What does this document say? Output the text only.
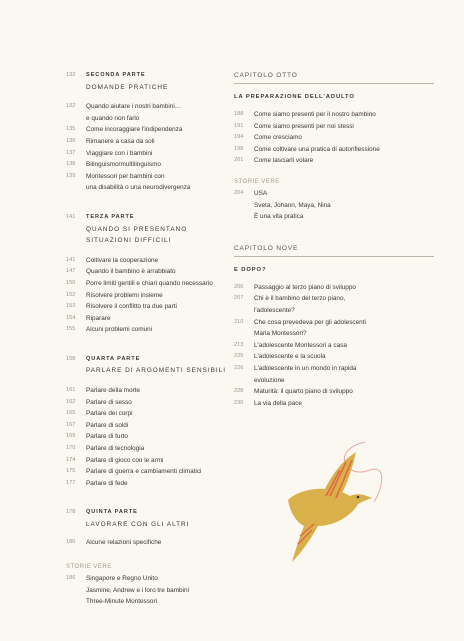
132	SECONDA PARTE
DOMANDE PRATICHE
132	Quando aiutare i nostri bambini…
e quando non farlo
135	Come incoraggiare l'indipendenza
136	Rimanere a casa da soli
137	Viaggiare con i bambini
138	Bilinguismo/multilinguismo
139	Montessori per bambini con
una disabilità o una neurodivergenza
141	TERZA PARTE
QUANDO SI PRESENTANO
SITUAZIONI DIFFICILI
141	Coltivare la cooperazione
147	Quando il bambino è arrabbiato
150	Porre limiti gentili e chiari quando necessario
152	Risolvere problemi insieme
153	Risolvere il conflitto tra due parti
154	Riparare
155	Alcuni problemi comuni
158	QUARTA PARTE
PARLARE DI ARGOMENTI SENSIBILI
161	Parlare della morte
162	Parlare di sesso
165	Parlare dei corpi
167	Parlare di soldi
169	Parlare di furto
170	Parlare di tecnologia
174	Parlare di gioco con le armi
175	Parlare di guerra e cambiamenti climatici
177	Parlare di fede
178	QUINTA PARTE
LAVORARE CON GLI ALTRI
180	Alcune relazioni specifiche
STORIE VERE
186	Singapore e Regno Unito
Jasmine, Andrew e i loro tre bambini
Three-Minute Montessori
CAPITOLO OTTO
LA PREPARAZIONE DELL'ADULTO
188	Come siamo presenti per il nostro bambino
191	Come siamo presenti per noi stessi
194	Come cresciamo
198	Come coltivare una pratica di autoriflessione
201	Come lasciarli volare
STORIE VERE
204	USA
Sveta, Johann, Maya, Nina
È una vita pratica
CAPITOLO NOVE
E DOPO?
206	Passaggio al terzo piano di sviluppo
207	Chi è il bambino del terzo piano,
l'adolescente?
210	Che cosa prevedeva per gli adolescenti
Maria Montessori?
213	L'adolescente Montessori a casa
225	L'adolescente e la scuola
226	L'adolescente in un mondo in rapida
evoluzione
228	Maturità: il quarto piano di sviluppo
230	La via della pace
